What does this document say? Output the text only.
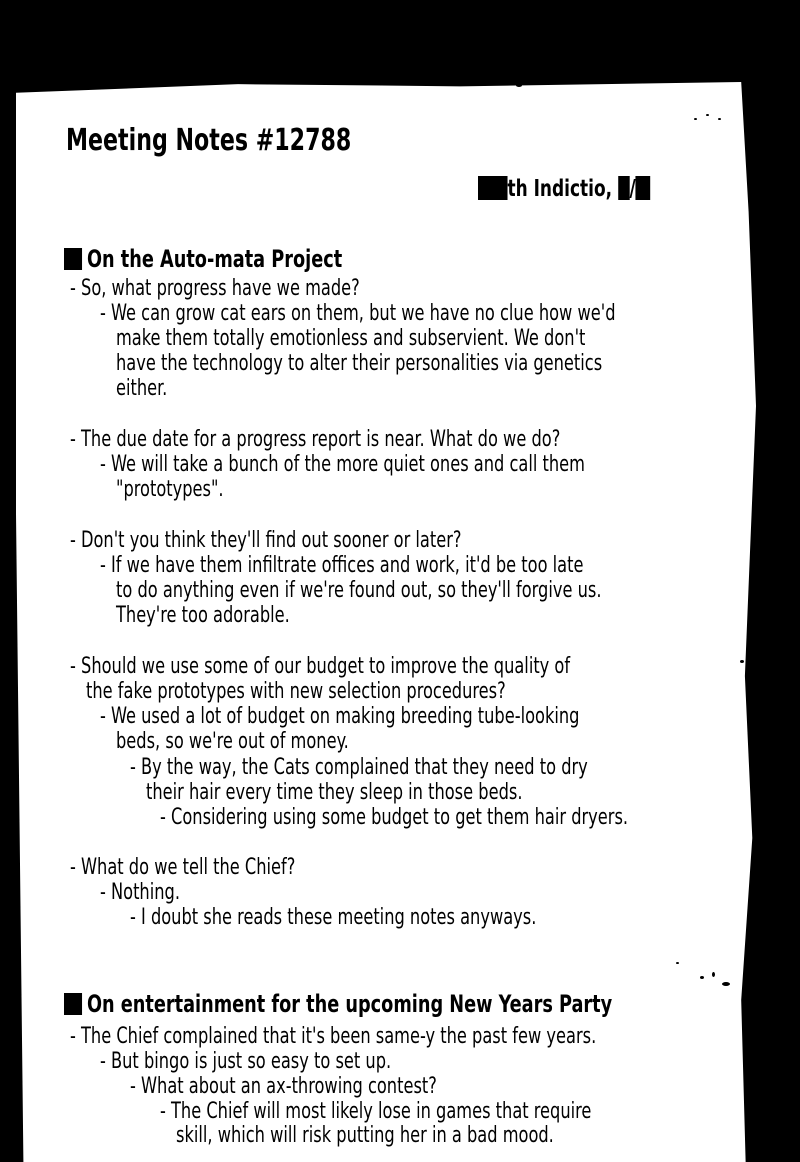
Meeting Notes #12788
th Indictio, /
On the Auto-mata Project
- So, what progress have we made?
- We can grow cat ears on them, but we have no clue how we'd
make them totally emotionless and subservient. We don't
have the technology to alter their personalities via genetics
either.
- The due date for a progress report is near. What do we do?
- We will take a bunch of the more quiet ones and call them
"prototypes".
- Don't you think they'll find out sooner or later?
- If we have them infiltrate offices and work, it'd be too late
to do anything even if we're found out, so they'll forgive us.
They're too adorable.
- Should we use some of our budget to improve the quality of
the fake prototypes with new selection procedures?
- We used a lot of budget on making breeding tube-looking
beds, so we're out of money.
- By the way, the Cats complained that they need to dry
their hair every time they sleep in those beds.
- Considering using some budget to get them hair dryers.
- What do we tell the Chief?
- Nothing.
- I doubt she reads these meeting notes anyways.
On entertainment for the upcoming New Years Party
- The Chief complained that it's been same-y the past few years.
- But bingo is just so easy to set up.
- What about an ax-throwing contest?
- The Chief will most likely lose in games that require
skill, which will risk putting her in a bad mood.
